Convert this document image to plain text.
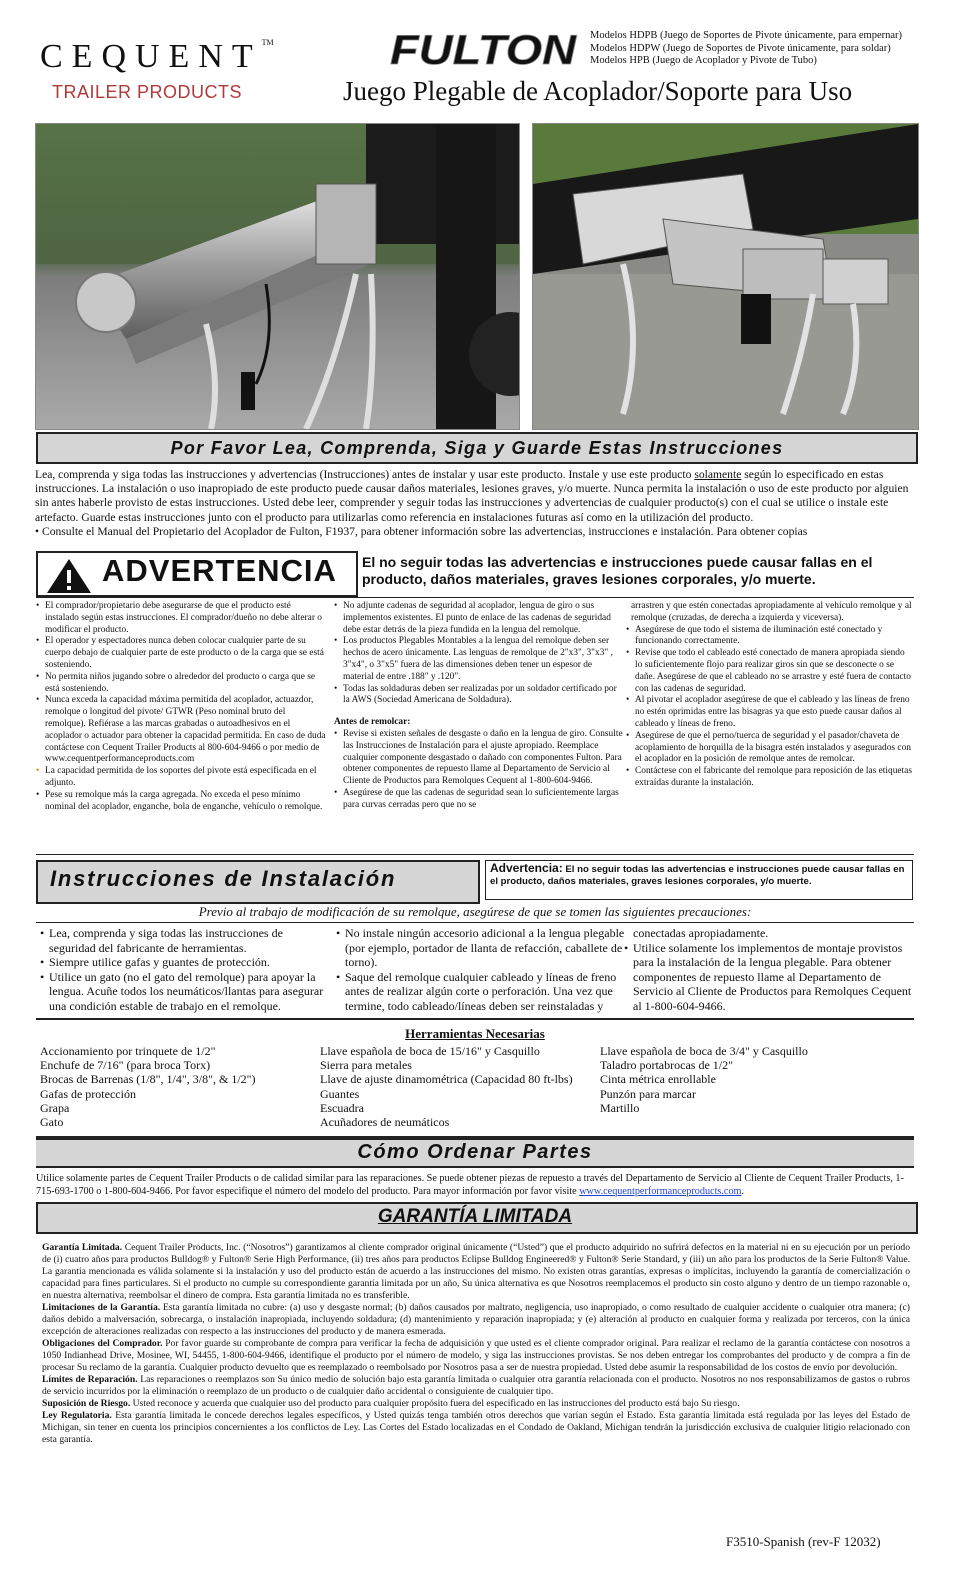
CEQUENT™
TRAILER PRODUCTS
FULTON Modelos HDPB (Juego de Soportes de Pivote únicamente, para empernar)
Modelos HDPW (Juego de Soportes de Pivote únicamente, para soldar)
Modelos HPB (Juego de Acoplador y Pivote de Tubo)
Juego Plegable de Acoplador/Soporte para Uso
Por Favor Lea, Comprenda, Siga y Guarde Estas Instrucciones
Lea, comprenda y siga todas las instrucciones y advertencias (Instrucciones) antes de instalar y usar este producto. Instale y use este producto solamente según lo especificado en estas instrucciones. La instalación o uso inapropiado de este producto puede causar daños materiales, lesiones graves, y/o muerte. Nunca permita la instalación o uso de este producto por alguien sin antes haberle provisto de estas instrucciones. Usted debe leer, comprender y seguir todas las instrucciones y advertencias de cualquier producto(s) con el cual se utilice o instale este artefacto. Guarde estas instrucciones junto con el producto para utilizarlas como referencia en instalaciones futuras así como en la utilización del producto.
• Consulte el Manual del Propietario del Acoplador de Fulton, F1937, para obtener información sobre las advertencias, instrucciones e instalación. Para obtener copias
ADVERTENCIA El no seguir todas las advertencias e instrucciones puede causar fallas en el producto, daños materiales, graves lesiones corporales, y/o muerte.
• El comprador/propietario debe asegurarse de que el producto esté instalado según estas instrucciones. El comprador/dueño no debe alterar o modificar el producto.
• El operador y espectadores nunca deben colocar cualquier parte de su cuerpo debajo de cualquier parte de este producto o de la carga que se está sosteniendo.
• No permita niños jugando sobre o alrededor del producto o carga que se está sosteniendo.
• Nunca exceda la capacidad máxima permitida del acoplador, actuazdor, remolque o longitud del pivote/ GTWR (Peso nominal bruto del remolque). Refiérase a las marcas grabadas o autoadhesivos en el acoplador o actuador para obtener la capacidad permitida. En caso de duda contáctese con Cequent Trailer Products al 800-604-9466 o por medio de www.cequentperformanceproducts.com
• La capacidad permitida de los soportes del pivote está especificada en el adjunto.
• Pese su remolque más la carga agregada. No exceda el peso mínimo nominal del acoplador, enganche, bola de enganche, vehículo o remolque.
• No adjunte cadenas de seguridad al acoplador, lengua de giro o sus implementos existentes. El punto de enlace de las cadenas de seguridad debe estar detrás de la pieza fundida en la lengua del remolque.
• Los productos Plegables Montables a la lengua del remolque deben ser hechos de acero únicamente. Las lenguas de remolque de 2"x3", 3"x3" , 3"x4", o 3"x5" fuera de las dimensiones deben tener un espesor de material de entre .188" y .120".
• Todas las soldaduras deben ser realizadas por un soldador certificado por la AWS (Sociedad Americana de Soldadura).
Antes de remolcar:
• Revise si existen señales de desgaste o daño en la lengua de giro. Consulte las Instrucciones de Instalación para el ajuste apropiado. Reemplace cualquier componente desgastado o dañado con componentes Fulton. Para obtener componentes de repuesto llame al Departamento de Servicio al Cliente de Productos para Remolques Cequent al 1-800-604-9466.
• Asegúrese de que las cadenas de seguridad sean lo suficientemente largas para curvas cerradas pero que no se
arrastren y que estén conectadas apropiadamente al vehículo remolque y al remolque (cruzadas, de derecha a izquierda y viceversa).
• Asegúrese de que todo el sistema de iluminación esté conectado y funcionando correctamente.
• Revise que todo el cableado esté conectado de manera apropiada siendo lo suficientemente flojo para realizar giros sin que se desconecte o se dañe. Asegúrese de que el cableado no se arrastre y esté fuera de contacto con las cadenas de seguridad.
• Al pivotar el acoplador asegúrese de que el cableado y las líneas de freno no estén oprimidas entre las bisagras ya que esto puede causar daños al cableado y líneas de freno.
• Asegúrese de que el perno/tuerca de seguridad y el pasador/chaveta de acoplamiento de horquilla de la bisagra estén instalados y asegurados con el acoplador en la posición de remolque antes de remolcar.
• Contáctese con el fabricante del remolque para reposición de las etiquetas extraídas durante la instalación.
Instrucciones de Instalación	Advertencia: El no seguir todas las advertencias e instrucciones puede causar fallas en el producto, daños materiales, graves lesiones corporales, y/o muerte.
Previo al trabajo de modificación de su remolque, asegúrese de que se tomen las siguientes precauciones:
• Lea, comprenda y siga todas las instrucciones de seguridad del fabricante de herramientas.
• Siempre utilice gafas y guantes de protección.
• Utilice un gato (no el gato del remolque) para apoyar la lengua. Acuñe todos los neumáticos/llantas para asegurar una condición estable de trabajo en el remolque.
• No instale ningún accesorio adicional a la lengua plegable (por ejemplo, portador de llanta de refacción, caballete de torno).
• Saque del remolque cualquier cableado y líneas de freno antes de realizar algún corte o perforación. Una vez que termine, todo cableado/líneas deben ser reinstaladas y
conectadas apropiadamente.
• Utilice solamente los implementos de montaje provistos para la instalación de la lengua plegable. Para obtener componentes de repuesto llame al Departamento de Servicio al Cliente de Productos para Remolques Cequent al 1-800-604-9466.
Herramientas Necesarias
Accionamiento por trinquete de 1/2"
Enchufe de 7/16" (para broca Torx)
Brocas de Barrenas (1/8", 1/4", 3/8", & 1/2")
Gafas de protección
Grapa
Gato
Llave española de boca de 15/16" y Casquillo
Sierra para metales
Llave de ajuste dinamométrica (Capacidad 80 ft-lbs)
Guantes
Escuadra
Acuñadores de neumáticos
Llave española de boca de 3/4" y Casquillo
Taladro portabrocas de 1/2"
Cinta métrica enrollable
Punzón para marcar
Martillo
Cómo Ordenar Partes
Utilice solamente partes de Cequent Trailer Products o de calidad similar para las reparaciones. Se puede obtener piezas de repuesto a través del Departamento de Servicio al Cliente de Cequent Trailer Products, 1-715-693-1700 o 1-800-604-9466. Por favor especifique el número del modelo del producto. Para mayor información por favor visite www.cequentperformanceproducts.com.
GARANTÍA LIMITADA

Garantía Limitada. Cequent Trailer Products, Inc. (“Nosotros”) garantizamos al cliente comprador original únicamente (“Usted”) que el producto adquirido no sufrirá defectos en la material ni en su ejecución por un período de (i) cuatro años para productos Bulldog® y Fulton® Serie High Performance, (ii) tres años para productos Eclipse Bulldog Engineered® y Fulton® Serie Standard, y (iii) un año para los productos de la Serie Fulton® Value. La garantía mencionada es válida solamente si la instalación y uso del producto están de acuerdo a las instrucciones del mismo. No existen otras garantías, expresas o implícitas, incluyendo la garantía de comercialización o capacidad para fines particulares. Si el producto no cumple su correspondiente garantía limitada por un año, Su única alternativa es que Nosotros reemplacemos el producto sin costo alguno y dentro de un tiempo razonable o, en nuestra alternativa, reembolsar el dinero de compra. Esta garantía limitada no es transferible.

Limitaciones de la Garantía. Esta garantía limitada no cubre: (a) uso y desgaste normal; (b) daños causados por maltrato, negligencia, uso inapropiado, o como resultado de cualquier accidente o cualquier otra manera; (c) daños debido a malversación, sobrecarga, o instalación inapropiada, incluyendo soldadura; (d) mantenimiento y reparación inapropiada; y (e) alteración al producto en cualquier forma y realizada por terceros, con la única excepción de alteraciones realizadas con respecto a las instrucciones del producto y de manera esmerada.

Obligaciones del Comprador. Por favor guarde su comprobante de compra para verificar la fecha de adquisición y que usted es el cliente comprador original. Para realizar el reclamo de la garantía contáctese con nosotros a 1050 Indianhead Drive, Mosinee, WI, 54455, 1-800-604-9466, identifique el producto por el número de modelo, y siga las instrucciones provistas. Se nos deben entregar los comprobantes del producto y de compra a fin de procesar Su reclamo de la garantía. Cualquier producto devuelto que es reemplazado o reembolsado por Nosotros pasa a ser de nuestra propiedad. Usted debe asumir la responsabilidad de los costos de envío por devolución.

Límites de Reparación. Las reparaciones o reemplazos son Su único medio de solución bajo esta garantía limitada o cualquier otra garantía relacionada con el producto. Nosotros no nos responsabilizamos de gastos o rubros de servicio incurridos por la eliminación o reemplazo de un producto o de cualquier daño accidental o consiguiente de cualquier tipo.

Suposición de Riesgo. Usted reconoce y acuerda que cualquier uso del producto para cualquier propósito fuera del especificado en las instrucciones del producto está bajo Su riesgo.

Ley Regulatoria. Esta garantía limitada le concede derechos legales específicos, y Usted quizás tenga también otros derechos que varían según el Estado. Esta garantía limitada está regulada por las leyes del Estado de Michigan, sin tener en cuenta los principios concernientes a los conflictos de Ley. Las Cortes del Estado localizadas en el Condado de Oakland, Michigan tendrán la jurisdicción exclusiva de cualquier litigio relacionado con esta garantía.

F3510-Spanish (rev-F 12032)
